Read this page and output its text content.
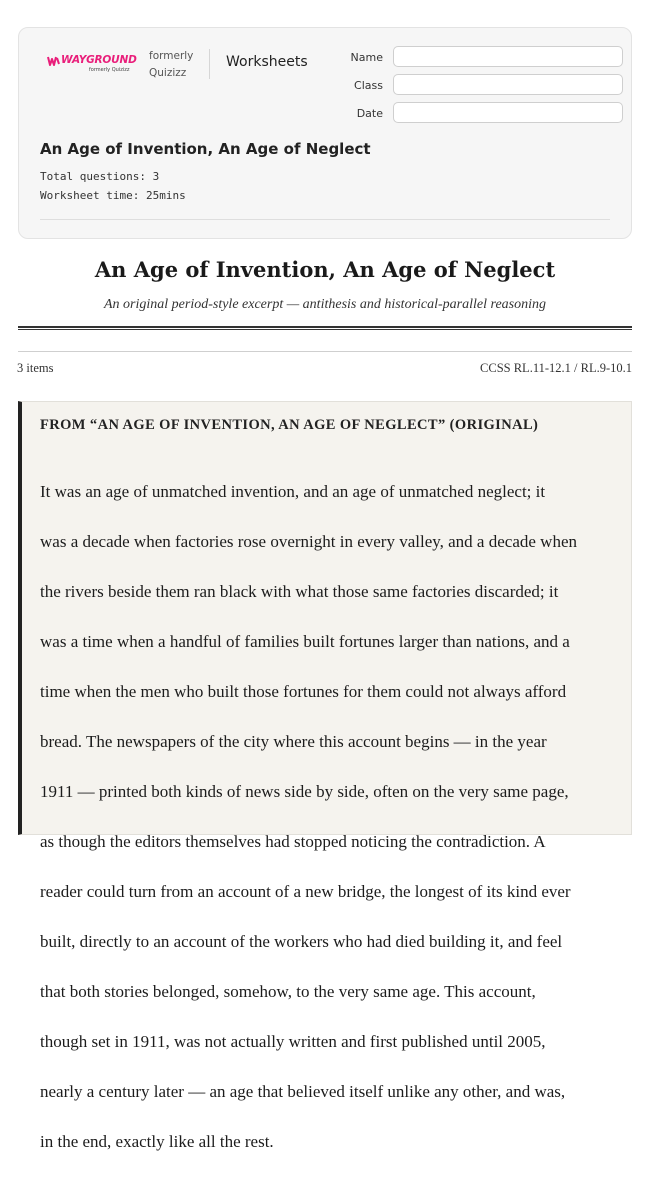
WAYGROUND
formerly Quizizz
formerly
Quizizz
Worksheets	Name
Class
Date
An Age of Invention, An Age of Neglect
Total questions: 3
Worksheet time: 25mins
An Age of Invention, An Age of Neglect
An original period-style excerpt — antithesis and historical-parallel reasoning
3 items	CCSS RL.11-12.1 / RL.9-10.1
FROM “AN AGE OF INVENTION, AN AGE OF NEGLECT” (ORIGINAL)

It was an age of unmatched invention, and an age of unmatched neglect; it

was a decade when factories rose overnight in every valley, and a decade when

the rivers beside them ran black with what those same factories discarded; it

was a time when a handful of families built fortunes larger than nations, and a

time when the men who built those fortunes for them could not always afford

bread. The newspapers of the city where this account begins — in the year

1911 — printed both kinds of news side by side, often on the very same page,

as though the editors themselves had stopped noticing the contradiction. A

reader could turn from an account of a new bridge, the longest of its kind ever

built, directly to an account of the workers who had died building it, and feel

that both stories belonged, somehow, to the very same age. This account,

though set in 1911, was not actually written and first published until 2005,

nearly a century later — an age that believed itself unlike any other, and was,

in the end, exactly like all the rest.
